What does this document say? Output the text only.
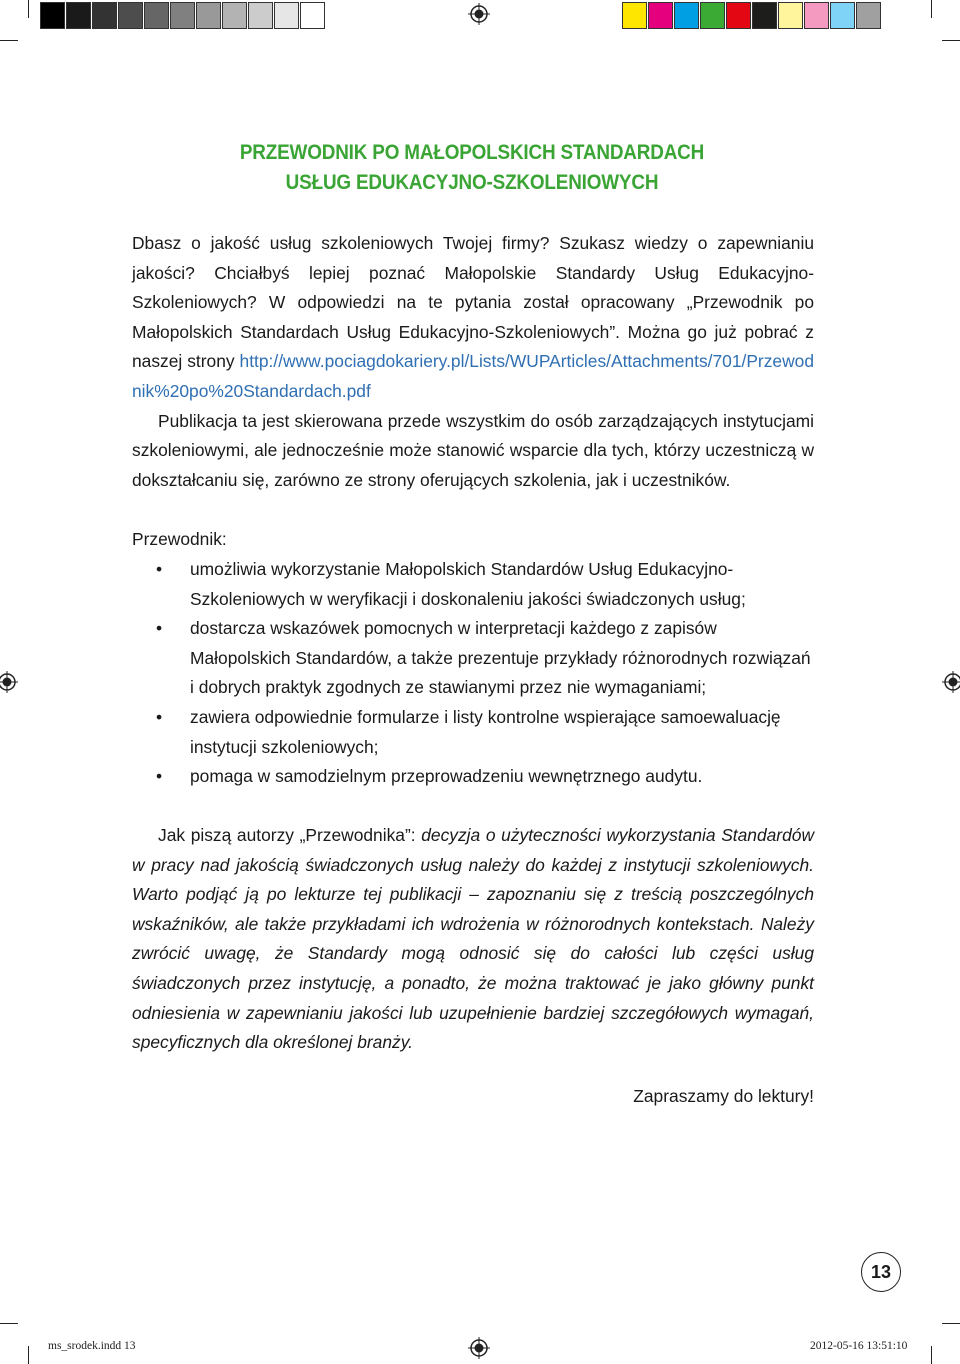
PRZEWODNIK PO MAŁOPOLSKICH STANDARDACH
USŁUG EDUKACYJNO-SZKOLENIOWYCH
Dbasz o jakość usług szkoleniowych Twojej firmy? Szukasz wiedzy o zapewnianiu jakości? Chciałbyś lepiej poznać Małopolskie Standardy Usług Edukacyjno-Szkoleniowych? W odpowiedzi na te pytania został opracowany „Przewodnik po Małopolskich Standardach Usług Edukacyjno-Szkoleniowych”. Można go już pobrać z naszej strony http://www.pociagdokariery.pl/Lists/WUPArticles/Attachments/701/Przewodnik%20po%20Standardach.pdf
Publikacja ta jest skierowana przede wszystkim do osób zarządzających instytucjami szkoleniowymi, ale jednocześnie może stanowić wsparcie dla tych, którzy uczestniczą w dokształcaniu się, zarówno ze strony oferujących szkolenia, jak i uczestników.
Przewodnik:
• umożliwia wykorzystanie Małopolskich Standardów Usług Edukacyjno-Szkoleniowych w weryfikacji i doskonaleniu jakości świadczonych usług;
• dostarcza wskazówek pomocnych w interpretacji każdego z zapisów Małopolskich Standardów, a także prezentuje przykłady różnorodnych rozwiązań i dobrych praktyk zgodnych ze stawianymi przez nie wymaganiami;
• zawiera odpowiednie formularze i listy kontrolne wspierające samoewaluację instytucji szkoleniowych;
• pomaga w samodzielnym przeprowadzeniu wewnętrznego audytu.
Jak piszą autorzy „Przewodnika”: decyzja o użyteczności wykorzystania Standardów w pracy nad jakością świadczonych usług należy do każdej z instytucji szkoleniowych. Warto podjąć ją po lekturze tej publikacji – zapoznaniu się z treścią poszczególnych wskaźników, ale także przykładami ich wdrożenia w różnorodnych kontekstach. Należy zwrócić uwagę, że Standardy mogą odnosić się do całości lub części usług świadczonych przez instytucję, a ponadto, że można traktować je jako główny punkt odniesienia w zapewnianiu jakości lub uzupełnienie bardziej szczegółowych wymagań, specyficznych dla określonej branży.
Zapraszamy do lektury!
13
ms_srodek.indd 13	2012-05-16 13:51:10
